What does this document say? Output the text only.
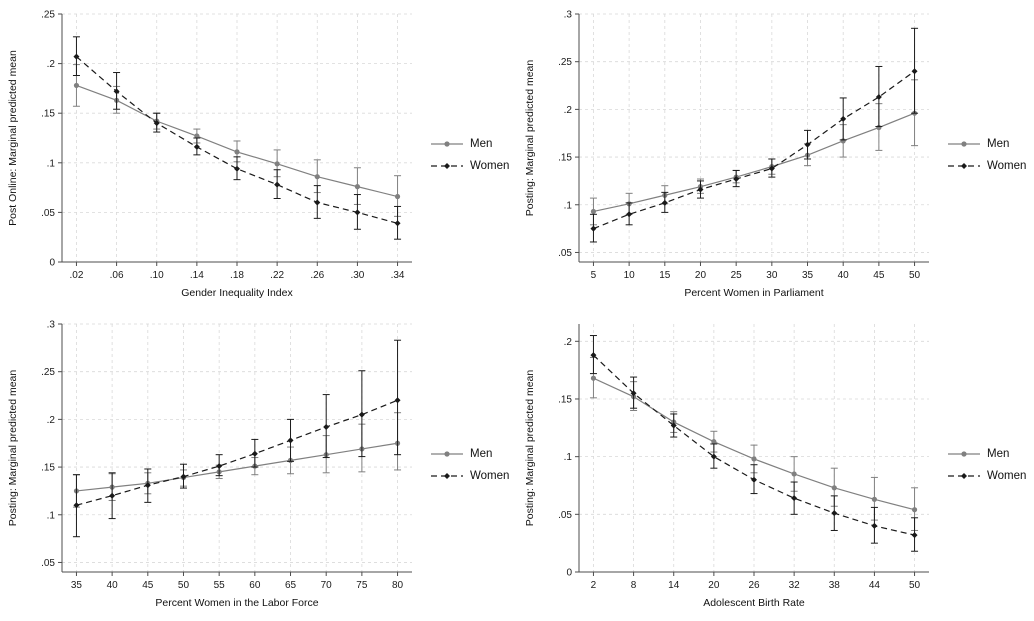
0
.05
.1
.15
.2
.25
.02	.06	.10	.14	.18	.22	.26	.30	.34
Gender Inequality Index
Post Online: Marginal predicted mean	Men
Women
.05
.1
.15
.2
.25
.3
5	10 15 20 25 30 35 40 45 50
Percent Women in Parliament
Posting: Marginal predicted mean	Men
Women
.05
.1
.15
.2
.25
.3
35 40 45 50 55 60 65 70 75 80
Percent Women in the Labor Force
Posting: Marginal predicted mean	Men
Women
0
.05
.1
.15
.2
2	8	14	20	26	32	38	44	50
Adolescent Birth Rate
Posting: Marginal predicted mean	Men
Women
